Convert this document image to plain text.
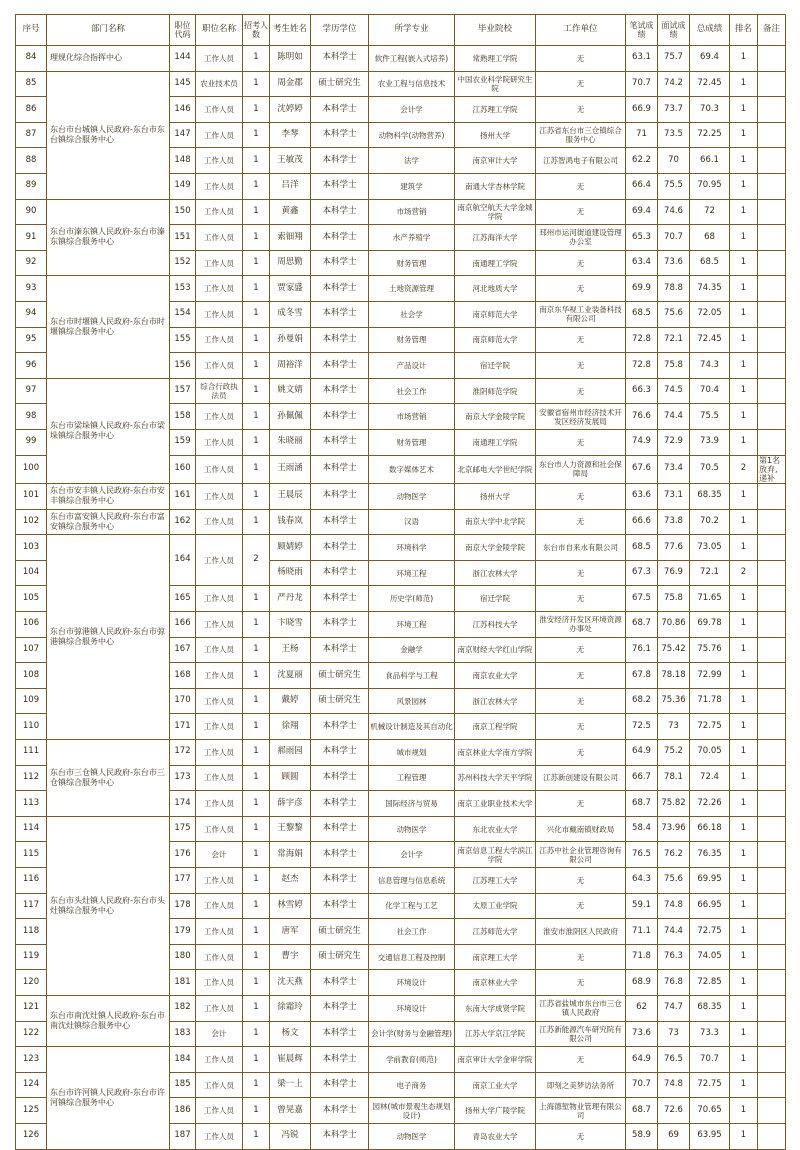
序号	部门名称	职位代码	职位名称	招考人数	考生姓名	学历学位	所学专业	毕业院校	工作单位	笔试成绩	面试成绩	总成绩	排名	备注
84	理规化综合指挥中心	144	工作人员	1	陈明如	本科学士	软件工程(嵌入式培养)	常熟理工学院	无	63.1	75.7	69.4	1	
85	东台市台城镇人民政府-东台市东台镇综合服务中心	145	农业技术员	1	周金郡	硕士研究生	农业工程与信息技术	中国农业科学院研究生院	无	70.7	74.2	72.45	1	
86		146	工作人员	1	沈婷婷	本科学士	会计学	江苏理工学院	无	66.9	73.7	70.3	1	
87		147	工作人员	1	李琴	本科学士	动物科学(动物营养)	扬州大学	江苏省东台市三仓镇综合服务中心	71	73.5	72.25	1	
88		148	工作人员	1	王敏茂	本科学士	法学	南京审计大学	江苏智鸿电子有限公司	62.2	70	66.1	1	
89		149	工作人员	1	吕洋	本科学士	建筑学	南通大学杏林学院	无	66.4	75.5	70.95	1	
90	东台市溱东镇人民政府-东台市溱东镇综合服务中心	150	工作人员	1	黄鑫	本科学士	市场营销	南京航空航天大学金城学院	无	69.4	74.6	72	1	
91		151	工作人员	1	索钿翔	本科学士	水产养殖学	江苏海洋大学	邳州市运河街道建设管理办公室	65.3	70.7	68	1	
92		152	工作人员	1	周思勤	本科学士	财务管理	南通理工学院	无	63.4	73.6	68.5	1	
93	东台市时堰镇人民政府-东台市时堰镇综合服务中心	153	工作人员	1	贾家盛	本科学士	土地资源管理	河北地质大学	无	69.9	78.8	74.35	1	
94		154	工作人员	1	成冬雪	本科学士	社会学	南京师范大学	南京东华视工业装备科技有限公司	68.5	75.6	72.05	1	
95		155	工作人员	1	孙曼娟	本科学士	财务管理	南京师范大学	无	72.8	72.1	72.45	1	
96		156	工作人员	1	周裕洋	本科学士	产品设计	宿迁学院	无	72.8	75.8	74.3	1	
97	东台市梁垛镇人民政府-东台市梁垛镇综合服务中心	157	综合行政执法员	1	姚文婧	本科学士	社会工作	淮阴师范学院	无	66.3	74.5	70.4	1	
98		158	工作人员	1	孙佩佩	本科学士	市场营销	南京大学金陵学院	安徽省宿州市经济技术开发区经济发展局	76.6	74.4	75.5	1	
99		159	工作人员	1	朱晓丽	本科学士	财务管理	南通理工学院	无	74.9	72.9	73.9	1	
100		160	工作人员	1	王雨涵	本科学士	数字媒体艺术	北京邮电大学世纪学院	东台市人力资源和社会保障局	67.6	73.4	70.5	2	第1名放弃,递补
101	东台市安丰镇人民政府-东台市安丰镇综合服务中心	161	工作人员	1	王晨辰	本科学士	动物医学	扬州大学	无	63.6	73.1	68.35	1	
102	东台市富安镇人民政府-东台市富安镇综合服务中心	162	工作人员	1	钱春岚	本科学士	汉语	南京大学中北学院	无	66.6	73.8	70.2	1	
103	东台市弶港镇人民政府-东台市弶港镇综合服务中心	164	工作人员	2	顾婧婷	本科学士	环境科学	南京大学金陵学院	东台市自来水有限公司	68.5	77.6	73.05	1	
104					杨晓雨	本科学士	环境工程	浙江农林大学	无	67.3	76.9	72.1	2	
105		165	工作人员	1	严丹龙	本科学士	历史学(师范)	宿迁学院	无	67.5	75.8	71.65	1	
106		166	工作人员	1	卞晓雪	本科学士	环境工程	江苏科技大学	淮安经济开发区环境资源办事处	68.7	70.86	69.78	1	
107		167	工作人员	1	王杨	本科学士	金融学	南京财经大学红山学院	无	76.1	75.42	75.76	1	
108		168	工作人员	1	沈夏丽	硕士研究生	食品科学与工程	南京农业大学	无	67.8	78.18	72.99	1	
109		170	工作人员	1	戴婷	硕士研究生	风景园林	浙江农林大学	无	68.2	75.36	71.78	1	
110		171	工作人员	1	徐翔	本科学士	机械设计制造及其自动化	南京工程学院	无	72.5	73	72.75	1	
111	东台市三仓镇人民政府-东台市三仓镇综合服务中心	172	工作人员	1	郝雨园	本科学士	城市规划	南京林业大学南方学院	无	64.9	75.2	70.05	1	
112		173	工作人员	1	顾圆	本科学士	工程管理	苏州科技大学天平学院	江苏新创建设有限公司	66.7	78.1	72.4	1	
113		174	工作人员	1	薛宇彦	本科学士	国际经济与贸易	南京工业职业技术大学	无	68.7	75.82	72.26	1	
114	东台市头灶镇人民政府-东台市头灶镇综合服务中心	175	工作人员	1	王黎黎	本科学士	动物医学	东北农业大学	兴化市戴南镇财政局	58.4	73.96	66.18	1	
115		176	会计	1	常海娟	本科学士	会计学	南京信息工程大学滨江学院	江苏中社企业管理咨询有限公司	76.5	76.2	76.35	1	
116		177	工作人员	1	赵杰	本科学士	信息管理与信息系统	江苏理工大学	无	64.3	75.6	69.95	1	
117		178	工作人员	1	林雪婷	本科学士	化学工程与工艺	太原工业学院	无	59.1	74.8	66.95	1	
118		179	工作人员	1	唐军	硕士研究生	社会工作	江苏师范大学	淮安市淮阴区人民政府	71.1	74.4	72.75	1	
119		180	工作人员	1	曹宇	硕士研究生	交通信息工程及控制	南京理工大学	无	71.8	76.3	74.05	1	
120		181	工作人员	1	沈天燕	本科学士	环境设计	南京林业大学	无	68.9	76.8	72.85	1	
121	东台市南沈灶镇人民政府-东台市南沈灶镇综合服务中心	182	工作人员	1	徐霜玲	本科学士	环境设计	东南大学成贤学院	江苏省盐城市东台市三仓镇人民政府	62	74.7	68.35	1	
122		183	会计	1	杨文	本科学士	会计学(财务与金融管理)	江苏大学京江学院	江苏新能源汽车研究院有限公司	73.6	73	73.3	1	
123	东台市许河镇人民政府-东台市许河镇综合服务中心	184	工作人员	1	崔晨辉	本科学士	学前教育(师范)	南京审计大学金审学院	无	64.9	76.5	70.7	1	
124		185	工作人员	1	梁一上	本科学士	电子商务	南京工业大学	即刻之美梦访法务所	70.7	74.8	72.75	1	
125		186	工作人员	1	曾晃嘉	本科学士	园林(城市景观生态规划设计)	扬州大学广陵学院	上海德堑物业管理有限公司	68.7	72.6	70.65	1	
126		187	工作人员	1	冯锐	本科学士	动物医学	青岛农业大学	无	58.9	69	63.95	1	
